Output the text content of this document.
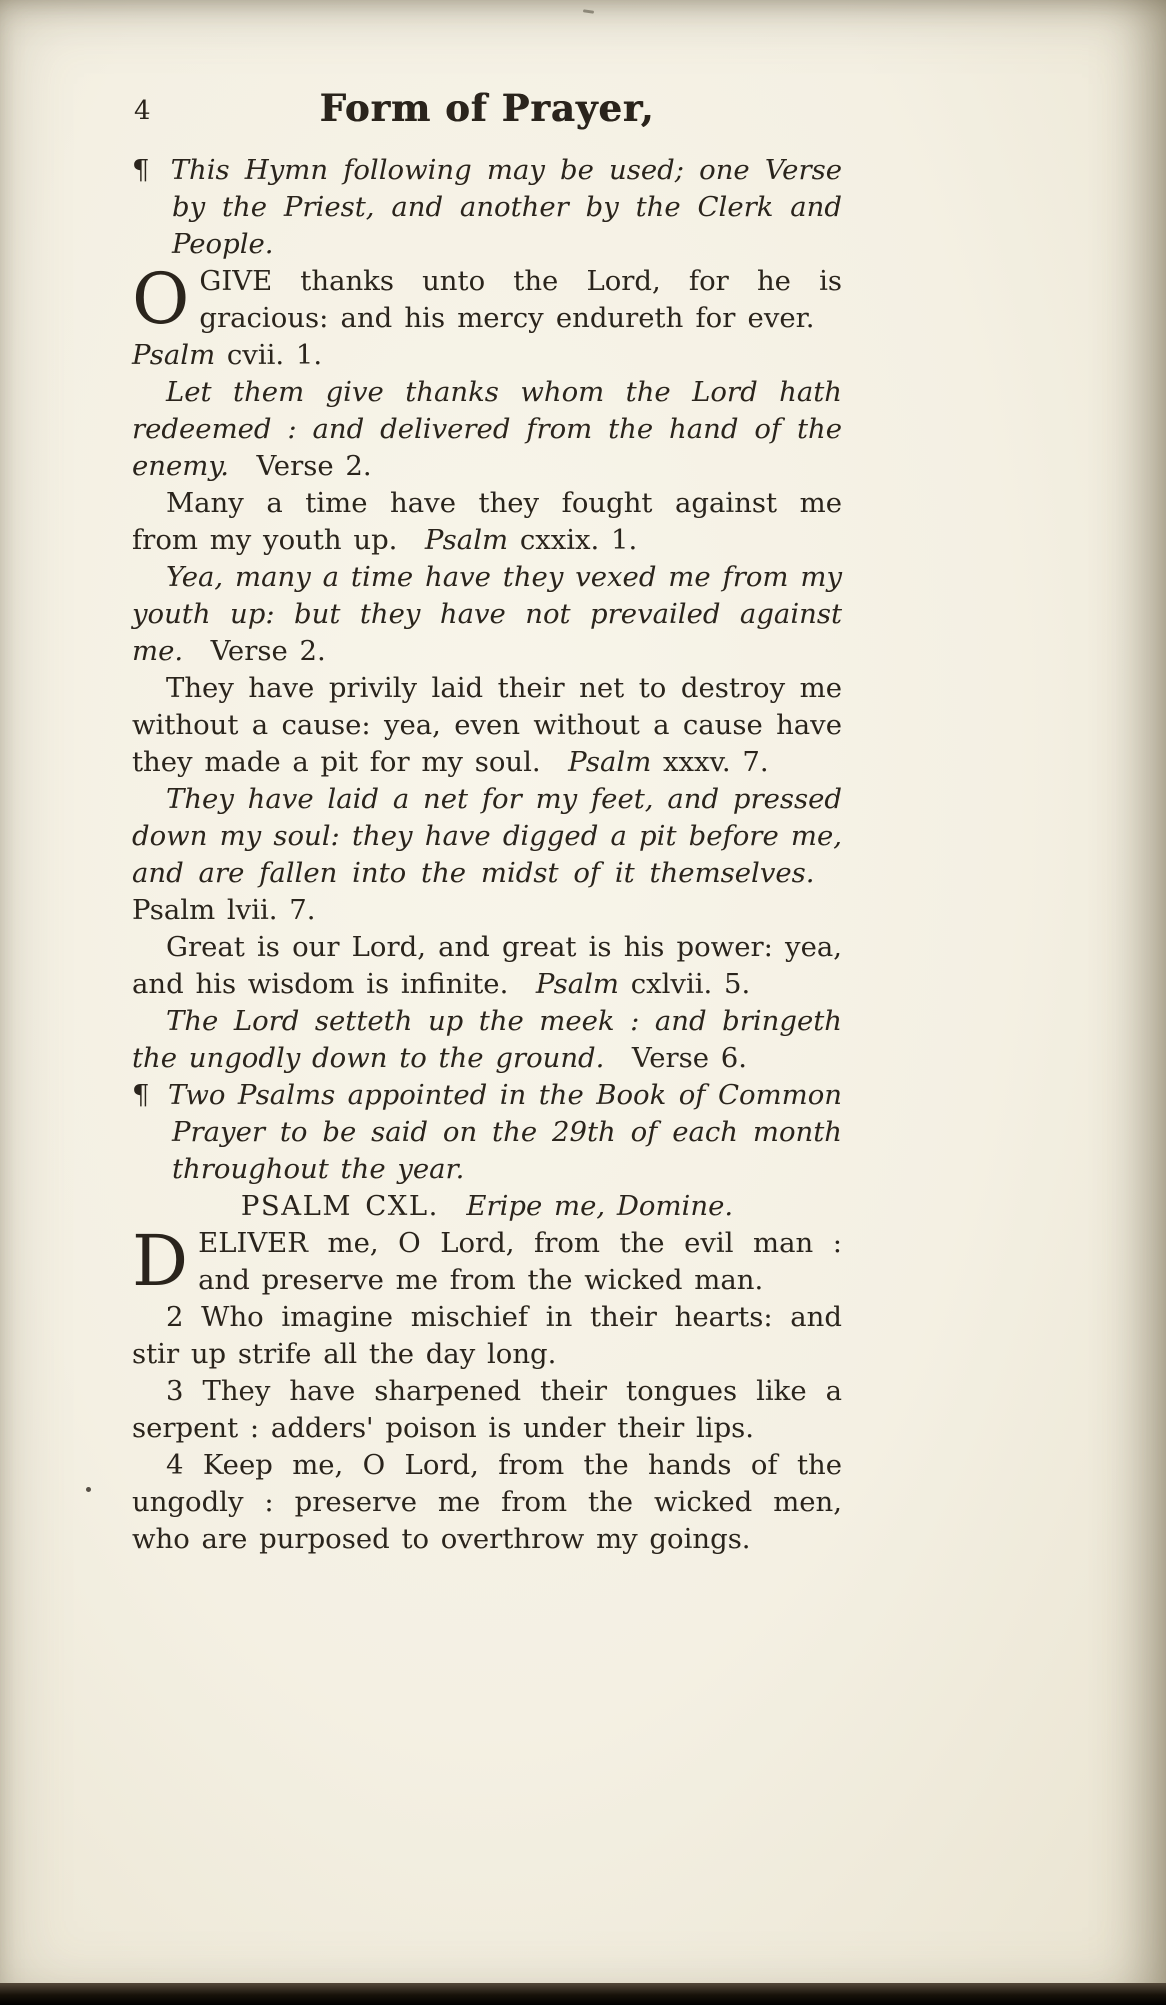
4	Form of Prayer,

¶ This Hymn following may be used; one Verse by the Priest, and another by the Clerk and People.

OGIVE thanks unto the Lord, for he is gracious: and his mercy endureth for ever.  Psalm cvii. 1.

Let them give thanks whom the Lord hath redeemed : and delivered from the hand of the enemy.  Verse 2.

Many a time have they fought against me from my youth up.  Psalm cxxix. 1.

Yea, many a time have they vexed me from my youth up: but they have not prevailed against me.  Verse 2.

They have privily laid their net to destroy me without a cause: yea, even without a cause have they made a pit for my soul.  Psalm xxxv. 7.

They have laid a net for my feet, and pressed down my soul: they have digged a pit before me, and are fallen into the midst of it themselves.  Psalm lvii. 7.

Great is our Lord, and great is his power: yea, and his wisdom is infinite.  Psalm cxlvii. 5.

The Lord setteth up the meek : and bringeth the ungodly down to the ground.  Verse 6.

¶ Two Psalms appointed in the Book of Common Prayer to be said on the 29th of each month throughout the year.

PSALM CXL.  Eripe me, Domine.

DELIVER me, O Lord, from the evil man : and preserve me from the wicked man.

2 Who imagine mischief in their hearts: and stir up strife all the day long.

3 They have sharpened their tongues like a serpent : adders' poison is under their lips.

4 Keep me, O Lord, from the hands of the ungodly : preserve me from the wicked men, who are purposed to overthrow my goings.
